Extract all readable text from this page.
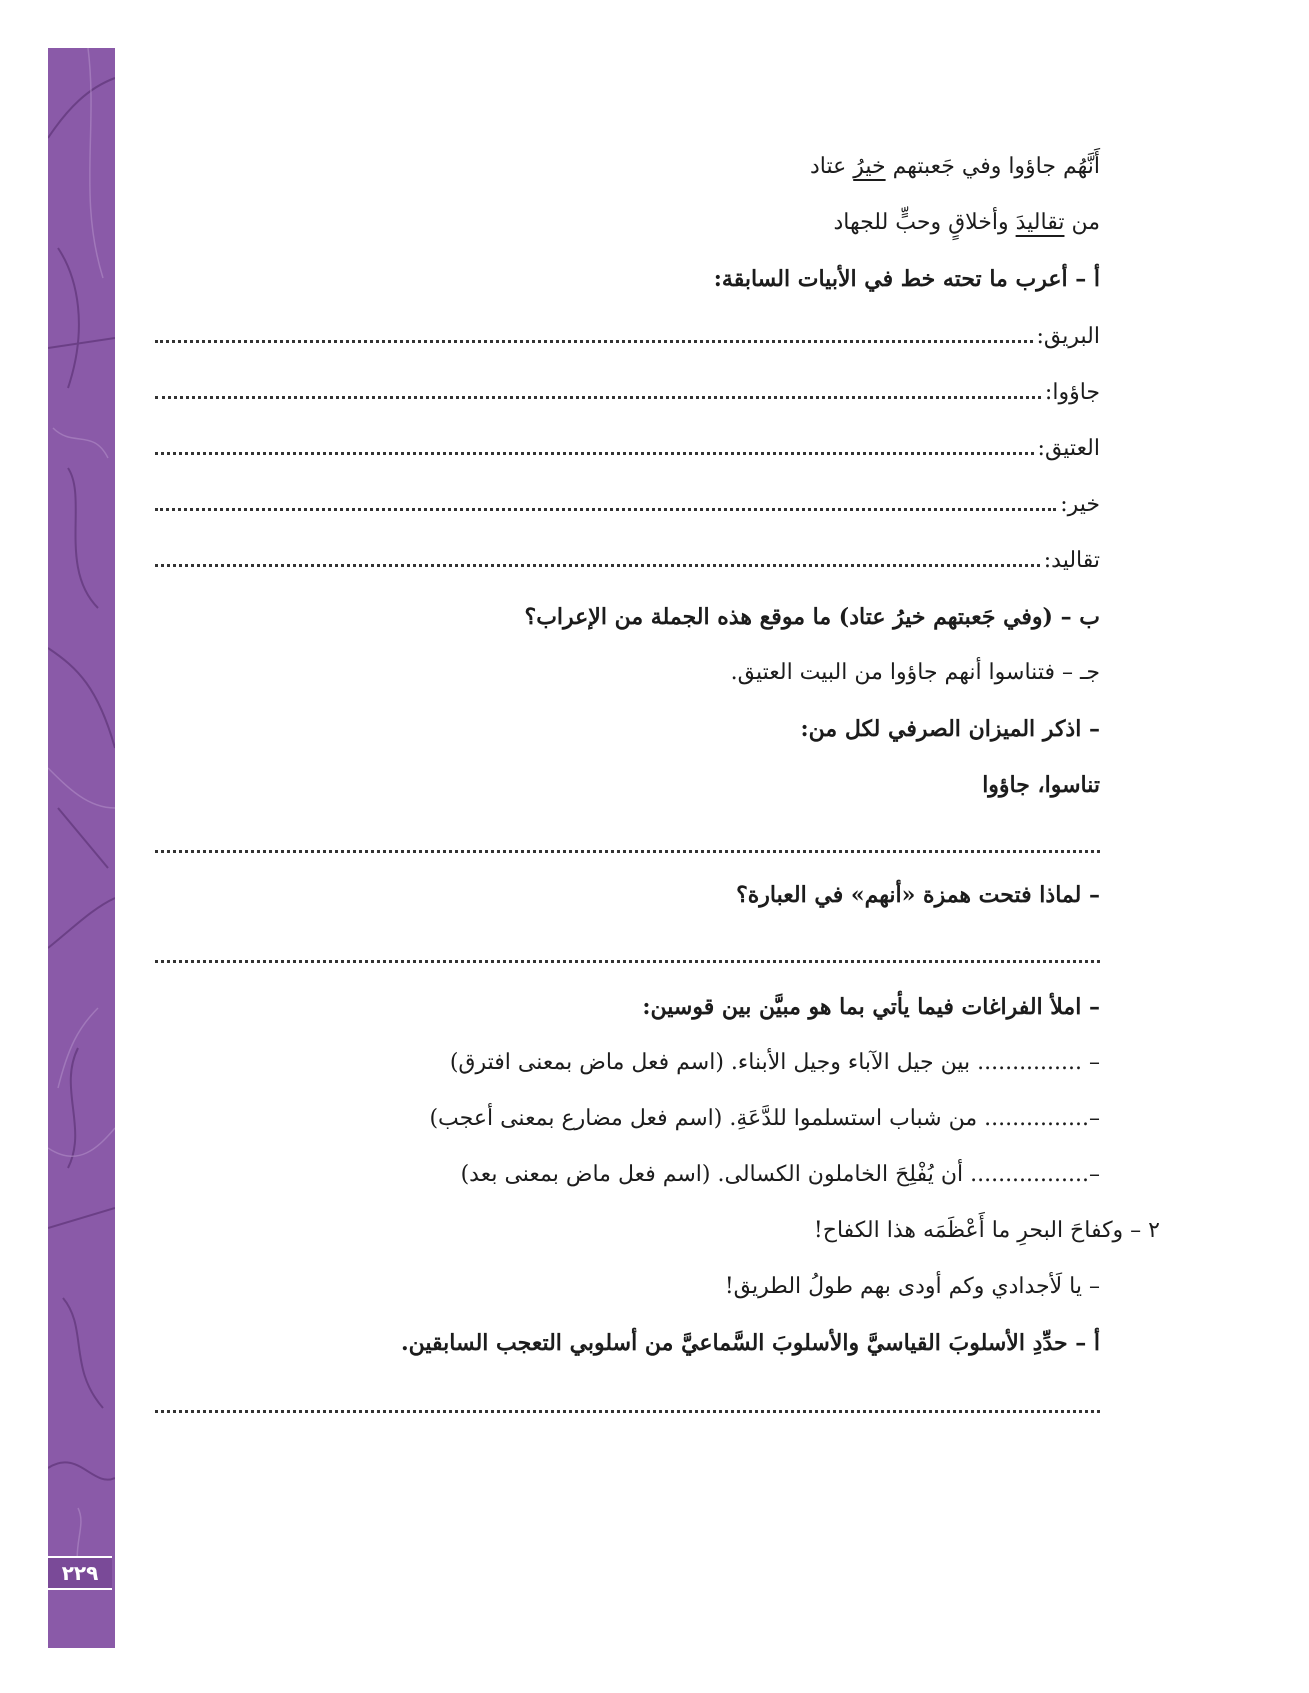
٢٢٩
أَنَّهُم جاؤوا وفي جَعبتهم خيرُ عتاد
من تقاليدَ وأخلاقٍ وحبٍّ للجهاد
أ – أعرب ما تحته خط في الأبيات السابقة:
البريق:
جاؤوا:
العتيق:
خير:
تقاليد:
ب – (وفي جَعبتهم خيرُ عتاد) ما موقع هذه الجملة من الإعراب؟
جـ – فتناسوا أنهم جاؤوا من البيت العتيق.
– اذكر الميزان الصرفي لكل من:
تناسوا، جاؤوا
– لماذا فتحت همزة «أنهم» في العبارة؟
– املأ الفراغات فيما يأتي بما هو مبيَّن بين قوسين:
– ............... بين جيل الآباء وجيل الأبناء. (اسم فعل ماض بمعنى افترق)
–............... من شباب استسلموا للدَّعَةِ. (اسم فعل مضارع بمعنى أعجب)
–................. أن يُفْلِحَ الخاملون الكسالى. (اسم فعل ماض بمعنى بعد)
٢ – وكفاحَ البحرِ ما أَعْظَمَه هذا الكفاح!
– يا لَأجدادي وكم أودى بهم طولُ الطريق!
أ – حدِّدِ الأسلوبَ القياسيَّ والأسلوبَ السَّماعيَّ من أسلوبي التعجب السابقين.
